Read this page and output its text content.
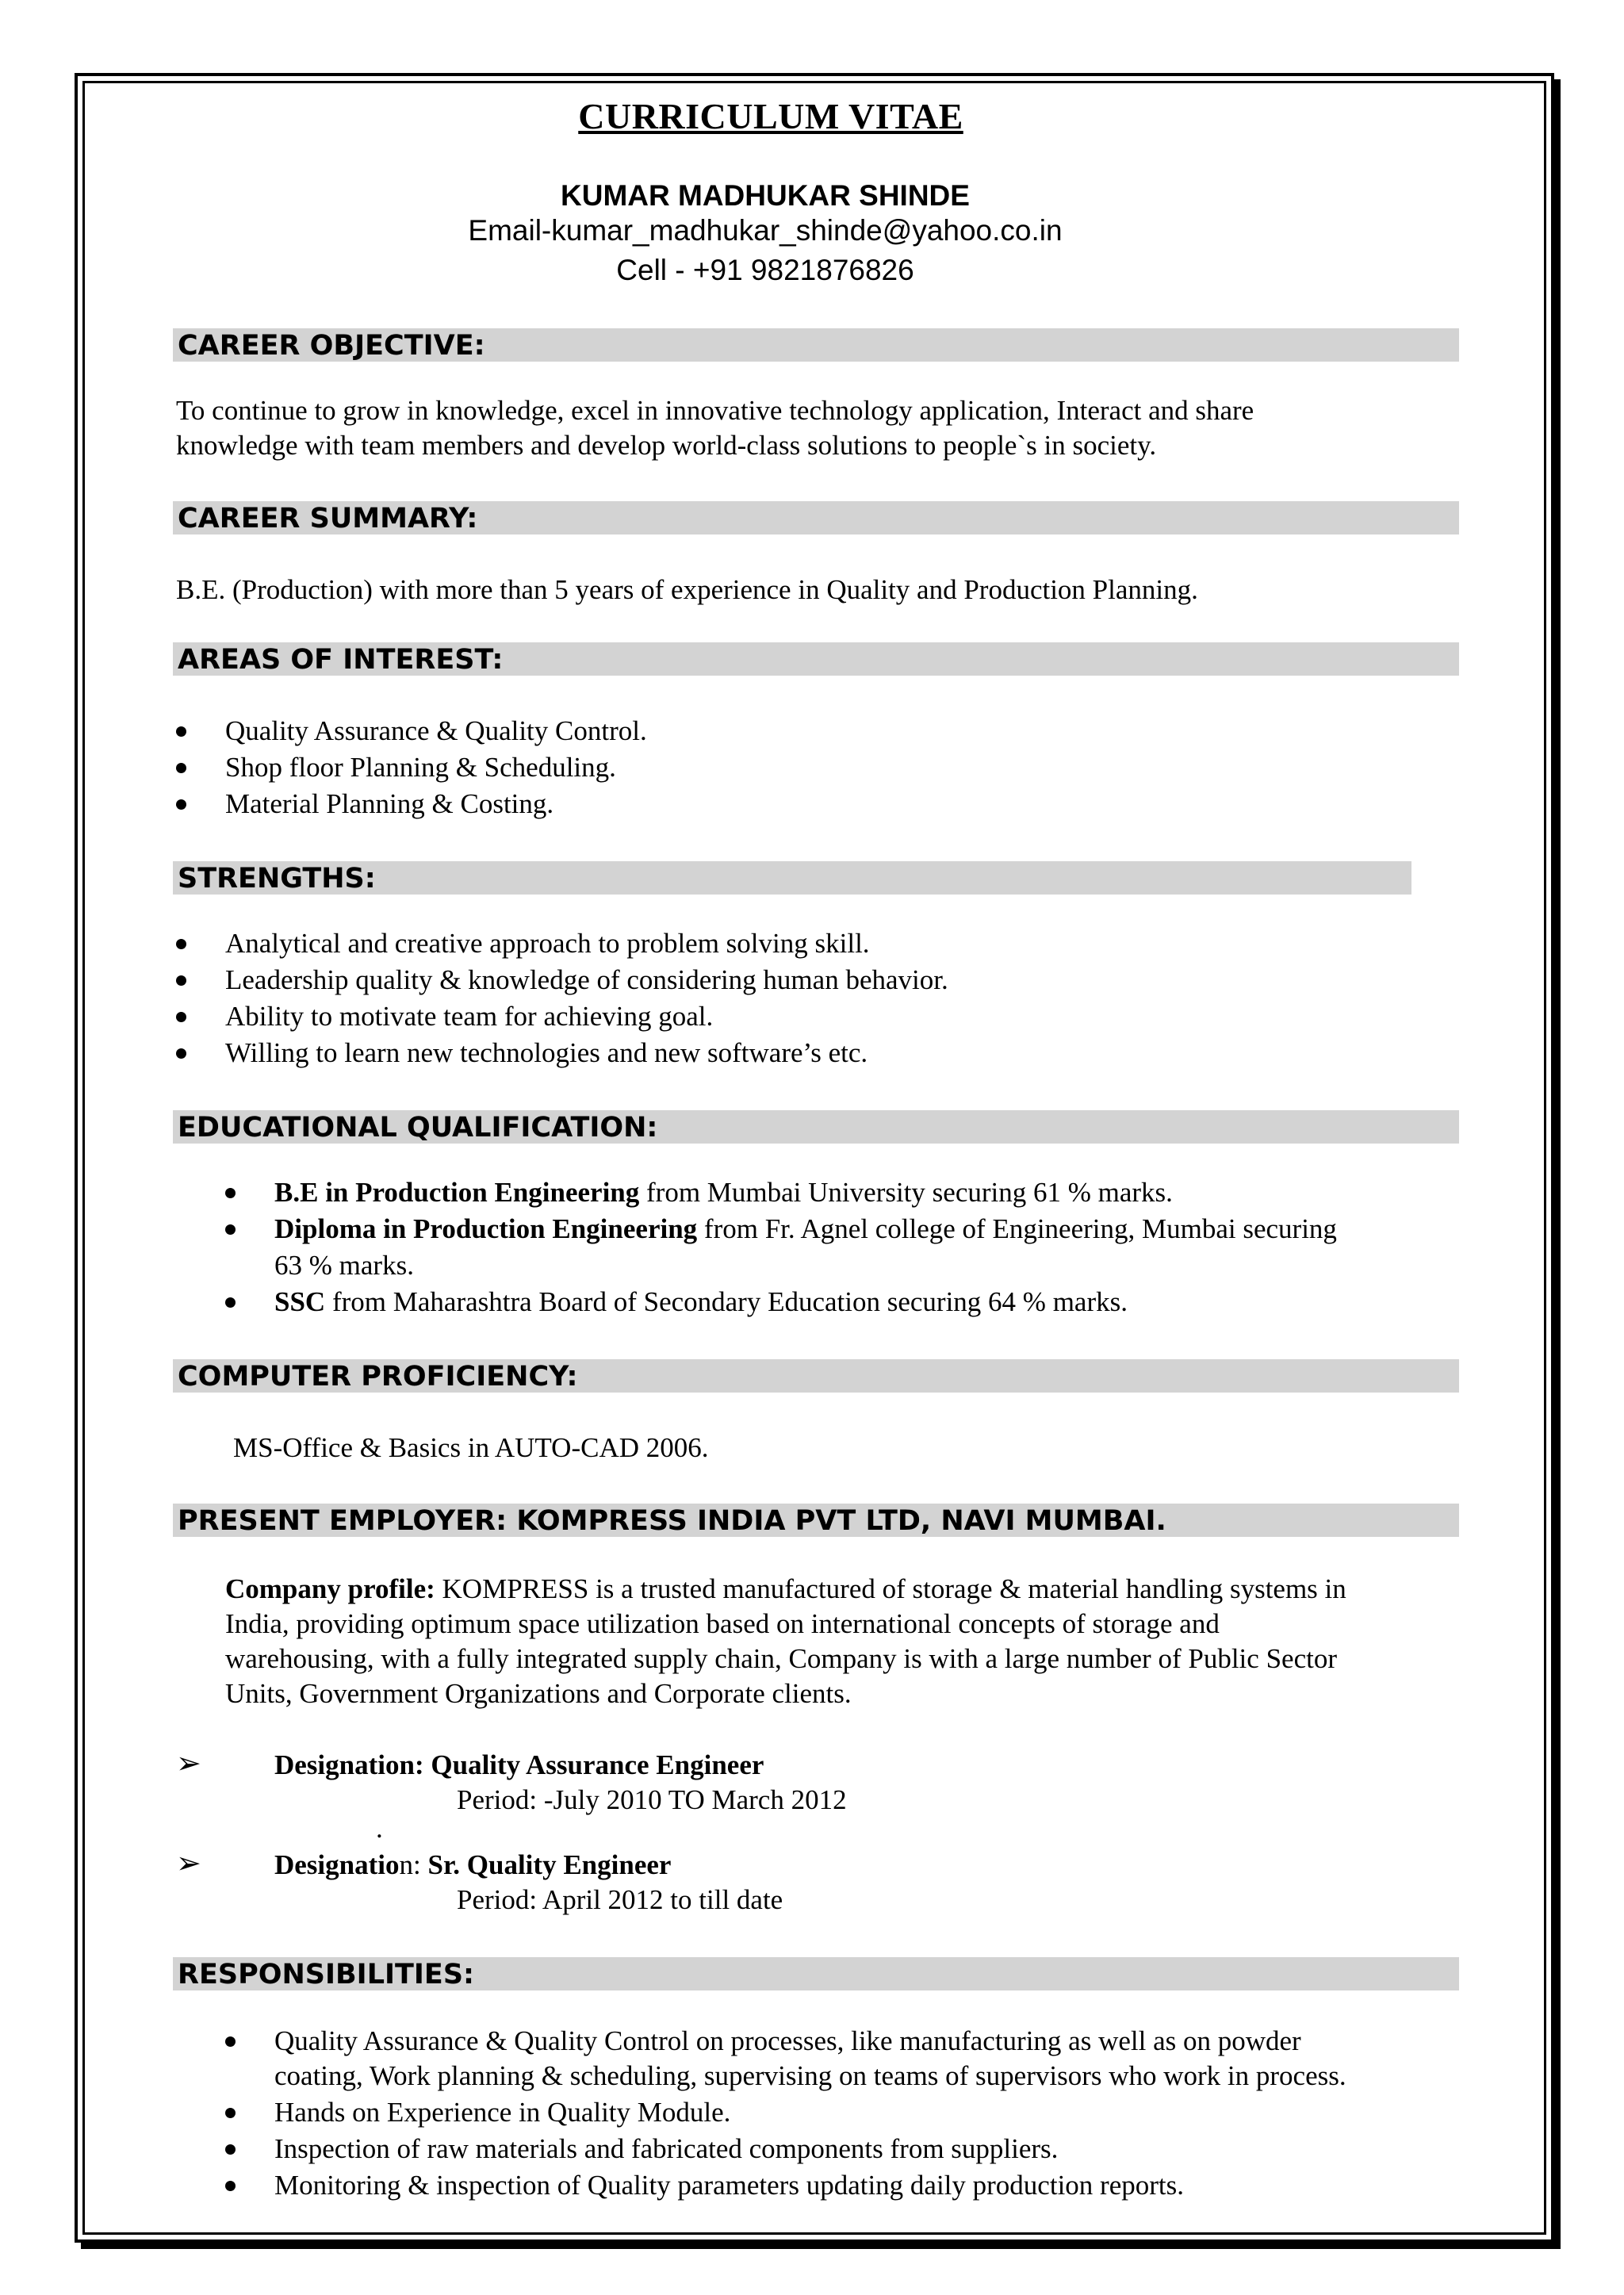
CURRICULUM VITAE
KUMAR MADHUKAR SHINDE
Email-kumar_madhukar_shinde@yahoo.co.in
Cell - +91 9821876826
CAREER OBJECTIVE:
To continue to grow in knowledge, excel in innovative technology application, Interact and share
knowledge with team members and develop world-class solutions to people`s in society.
CAREER SUMMARY:
B.E. (Production) with more than 5 years of experience in Quality and Production Planning.
AREAS OF INTEREST:
Quality Assurance & Quality Control.
Shop floor Planning & Scheduling.
Material Planning & Costing.
STRENGTHS:
Analytical and creative approach to problem solving skill.
Leadership quality & knowledge of considering human behavior.
Ability to motivate team for achieving goal.
Willing to learn new technologies and new software’s etc.
EDUCATIONAL QUALIFICATION:
B.E in Production Engineering from Mumbai University securing 61 % marks.
Diploma in Production Engineering from Fr. Agnel college of Engineering, Mumbai securing
63 % marks.
SSC from Maharashtra Board of Secondary Education securing 64 % marks.
COMPUTER PROFICIENCY:
MS-Office & Basics in AUTO-CAD 2006.
PRESENT EMPLOYER: KOMPRESS INDIA PVT LTD, NAVI MUMBAI.
Company profile: KOMPRESS is a trusted manufactured of storage & material handling systems in
India, providing optimum space utilization based on international concepts of storage and
warehousing, with a fully integrated supply chain, Company is with a large number of Public Sector
Units, Government Organizations and Corporate clients.
➢	Designation: Quality Assurance Engineer
Period: -July 2010 TO March 2012
.
➢	Designation: Sr. Quality Engineer
Period: April 2012 to till date
RESPONSIBILITIES:
Quality Assurance & Quality Control on processes, like manufacturing as well as on powder
coating, Work planning & scheduling, supervising on teams of supervisors who work in process.
Hands on Experience in Quality Module.
Inspection of raw materials and fabricated components from suppliers.
Monitoring & inspection of Quality parameters updating daily production reports.
